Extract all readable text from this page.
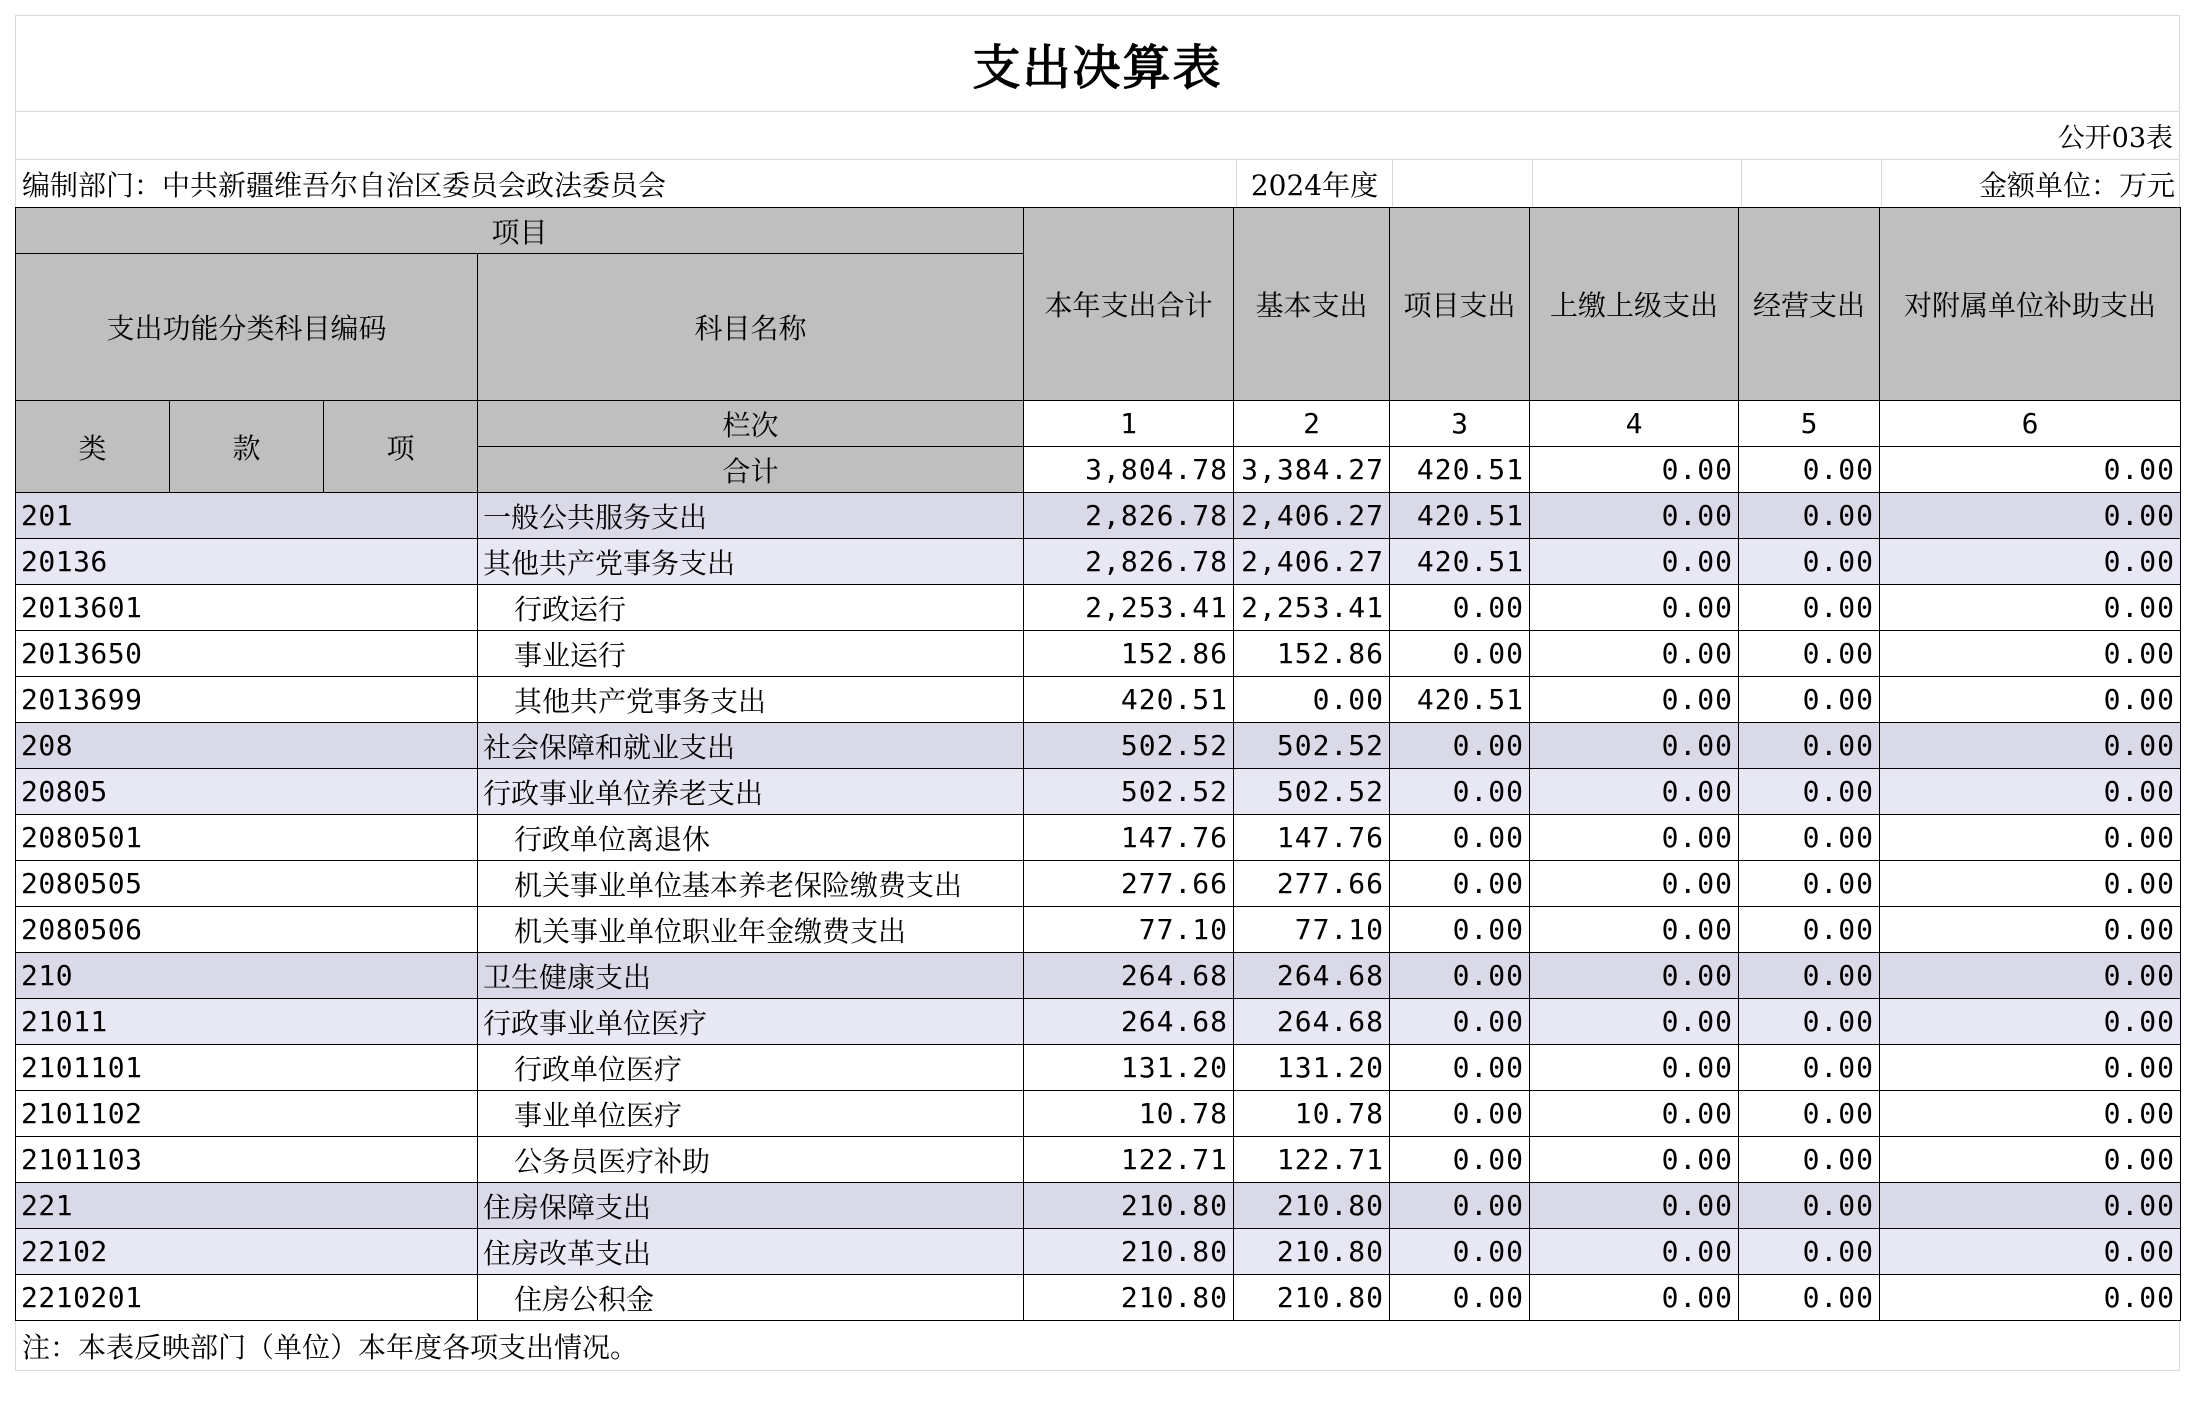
支出决算表
公开03表
编制部门：中共新疆维吾尔自治区委员会政法委员会	2024年度	金额单位：万元
项目				本年支出合计	基本支出	项目支出	上缴上级支出	经营支出	对附属单位补助支出
支出功能分类科目编码			科目名称						

类	款	项	栏次	1	2	3	4	5	6
			合计	3,804.78	3,384.27	420.51	0.00	0.00	0.00
201			一般公共服务支出	2,826.78	2,406.27	420.51	0.00	0.00	0.00
20136			其他共产党事务支出	2,826.78	2,406.27	420.51	0.00	0.00	0.00
2013601			行政运行	2,253.41	2,253.41	0.00	0.00	0.00	0.00
2013650			事业运行	152.86	152.86	0.00	0.00	0.00	0.00
2013699			其他共产党事务支出	420.51	0.00	420.51	0.00	0.00	0.00
208			社会保障和就业支出	502.52	502.52	0.00	0.00	0.00	0.00
20805			行政事业单位养老支出	502.52	502.52	0.00	0.00	0.00	0.00
2080501			行政单位离退休	147.76	147.76	0.00	0.00	0.00	0.00
2080505			机关事业单位基本养老保险缴费支出	277.66	277.66	0.00	0.00	0.00	0.00
2080506			机关事业单位职业年金缴费支出	77.10	77.10	0.00	0.00	0.00	0.00
210			卫生健康支出	264.68	264.68	0.00	0.00	0.00	0.00
21011			行政事业单位医疗	264.68	264.68	0.00	0.00	0.00	0.00
2101101			行政单位医疗	131.20	131.20	0.00	0.00	0.00	0.00
2101102			事业单位医疗	10.78	10.78	0.00	0.00	0.00	0.00
2101103			公务员医疗补助	122.71	122.71	0.00	0.00	0.00	0.00
221			住房保障支出	210.80	210.80	0.00	0.00	0.00	0.00
22102			住房改革支出	210.80	210.80	0.00	0.00	0.00	0.00
2210201			住房公积金	210.80	210.80	0.00	0.00	0.00	0.00
注：本表反映部门（单位）本年度各项支出情况。
